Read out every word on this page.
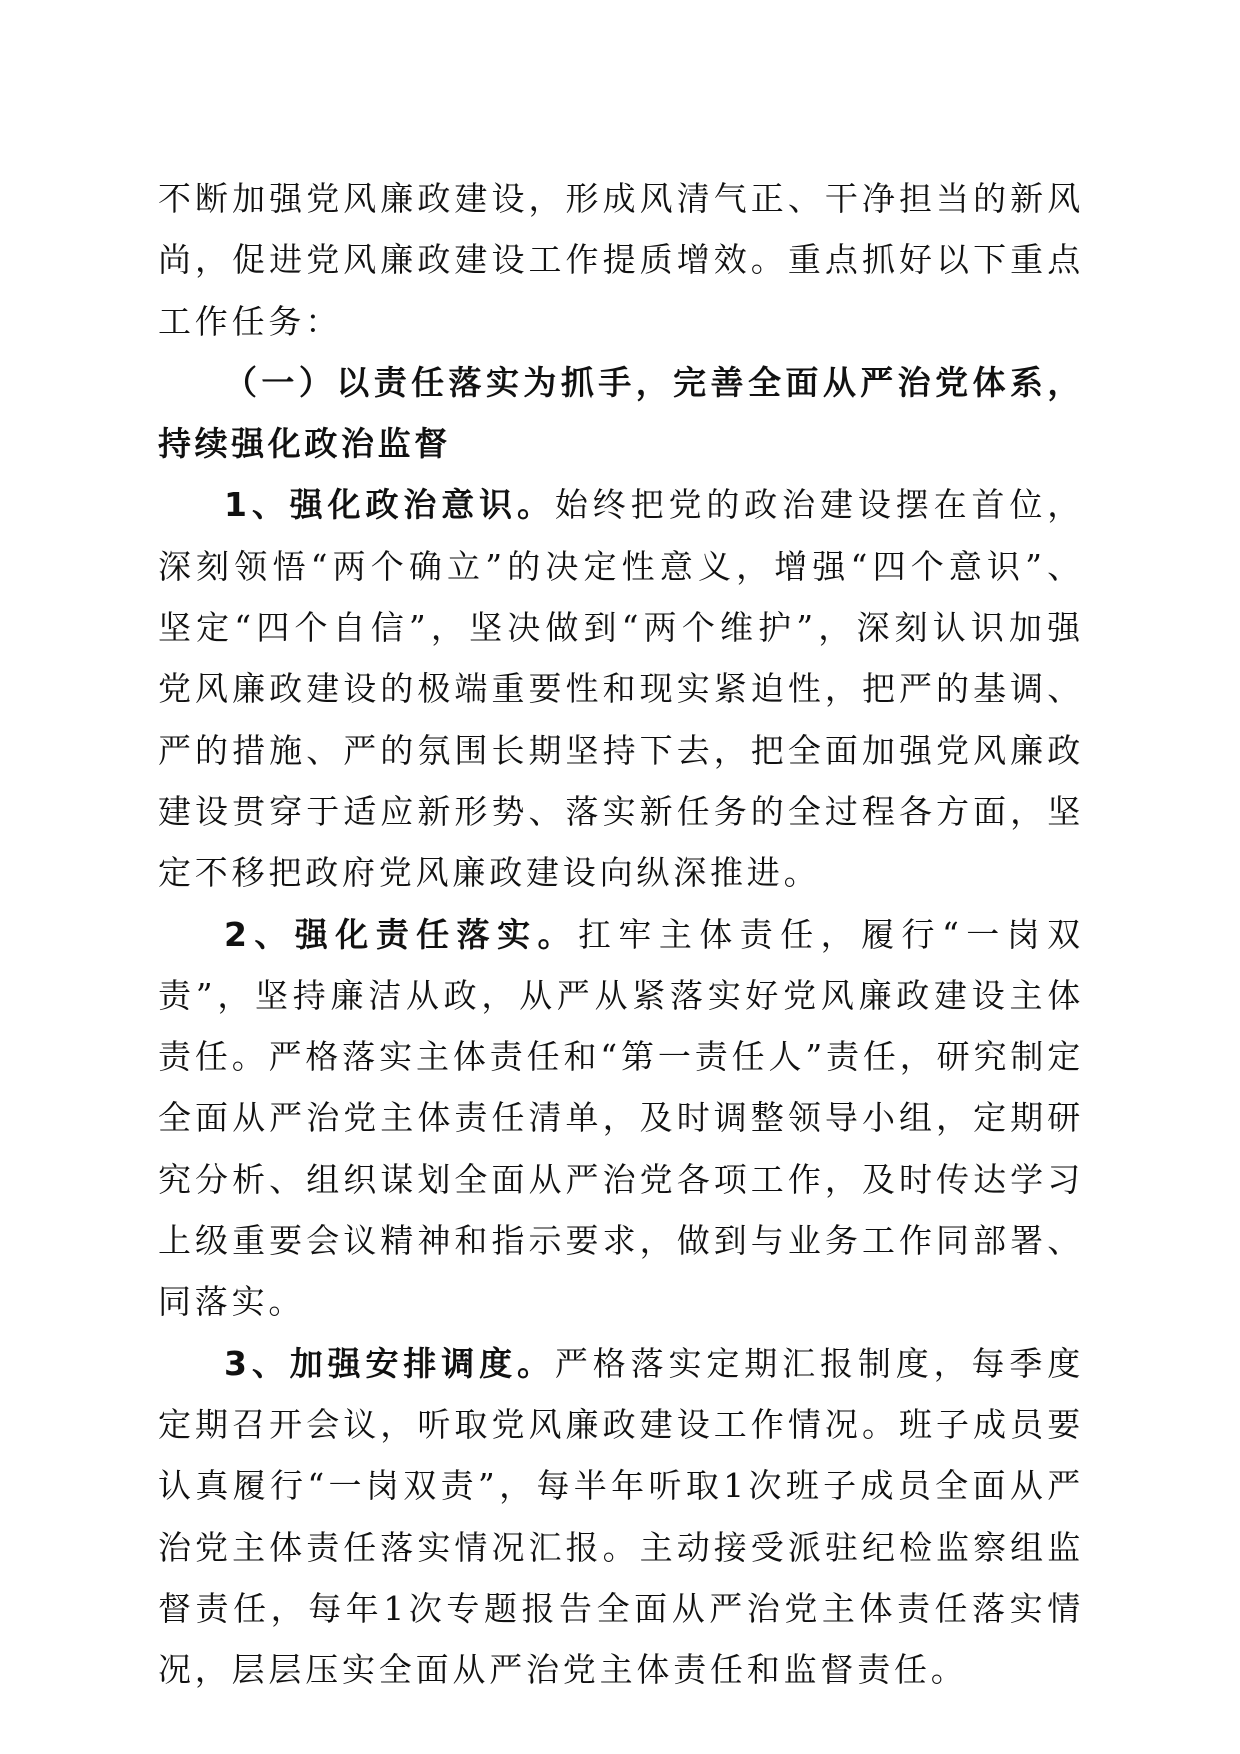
不断加强党风廉政建设，形成风清气正、干净担当的新风尚，促进党风廉政建设工作提质增效。重点抓好以下重点工作任务：

（一）以责任落实为抓手，完善全面从严治党体系，持续强化政治监督

1、强化政治意识。始终把党的政治建设摆在首位，深刻领悟“两个确立”的决定性意义，增强“四个意识”、坚定“四个自信”，坚决做到“两个维护”，深刻认识加强党风廉政建设的极端重要性和现实紧迫性，把严的基调、严的措施、严的氛围长期坚持下去，把全面加强党风廉政建设贯穿于适应新形势、落实新任务的全过程各方面，坚定不移把政府党风廉政建设向纵深推进。

2、强化责任落实。扛牢主体责任，履行“一岗双责”，坚持廉洁从政，从严从紧落实好党风廉政建设主体责任。严格落实主体责任和“第一责任人”责任，研究制定全面从严治党主体责任清单，及时调整领导小组，定期研究分析、组织谋划全面从严治党各项工作，及时传达学习上级重要会议精神和指示要求，做到与业务工作同部署、同落实。

3、加强安排调度。严格落实定期汇报制度，每季度定期召开会议，听取党风廉政建设工作情况。班子成员要认真履行“一岗双责”，每半年听取1次班子成员全面从严治党主体责任落实情况汇报。主动接受派驻纪检监察组监督责任，每年1次专题报告全面从严治党主体责任落实情况，层层压实全面从严治党主体责任和监督责任。
